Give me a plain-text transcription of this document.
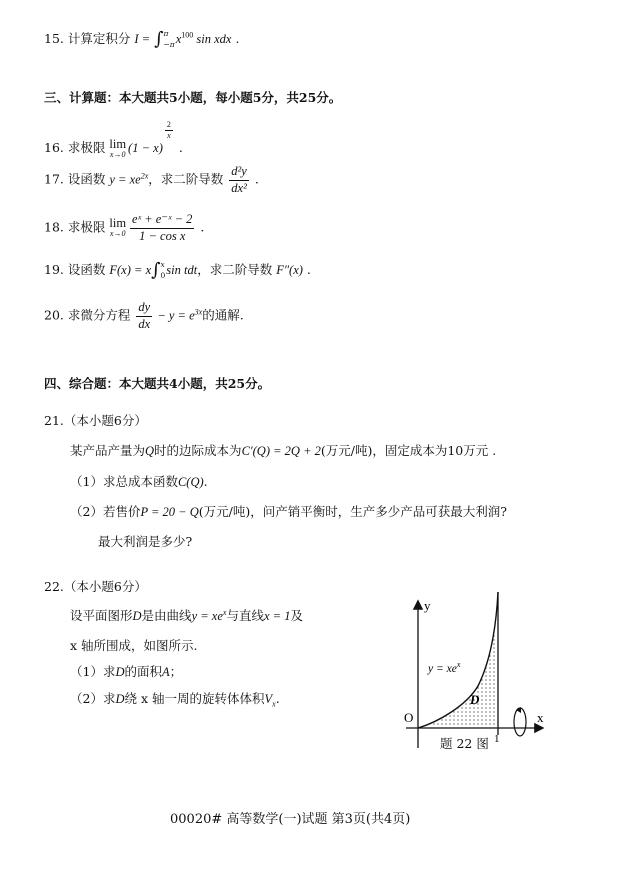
15. 计算定积分 I = ∫ π
−π $x^{100}$ sin xdx .
三、计算题：本大题共5小题，每小题5分，共25分。
16. 求极限 lim
x→0 (1 − x)
$\frac{2}{x}$
.
17. 设函数 $y = xe^{2x}$，求二阶导数 $\frac{\text{d²y}}{\text{dx²}}$ .
18. 求极限 lim
$x\to 0 \frac{\text{eˣ + e⁻ˣ − 2}}{\text{1 − cos x}}$ .
19. 设函数 F(x) = x∫ x
0 sin tdt，求二阶导数 F″(x) .
20. 求微分方程 $\frac{dy}{dx} - y = e^{3x}$的通解.
四、综合题：本大题共4小题，共25分。
21.（本小题6分）
某产品产量为Q时的边际成本为C′(Q) = 2Q + 2(万元/吨)，固定成本为10万元 .
（1）求总成本函数C(Q).
（2）若售价P = 20 − Q(万元/吨)，问产销平衡时，生产多少产品可获最大利润?
最大利润是多少?
22.（本小题6分）
设平面图形D是由曲线$y = xe^x$与直线x = 1及
x 轴所围成，如图所示.
（1）求D的面积A；
（2）求D绕 x 轴一周的旋转体体积$V_x$.
y
x
O
1
$y = xe^x$
D
题 22 图
00020# 高等数学(一)试题 第3页(共4页)
